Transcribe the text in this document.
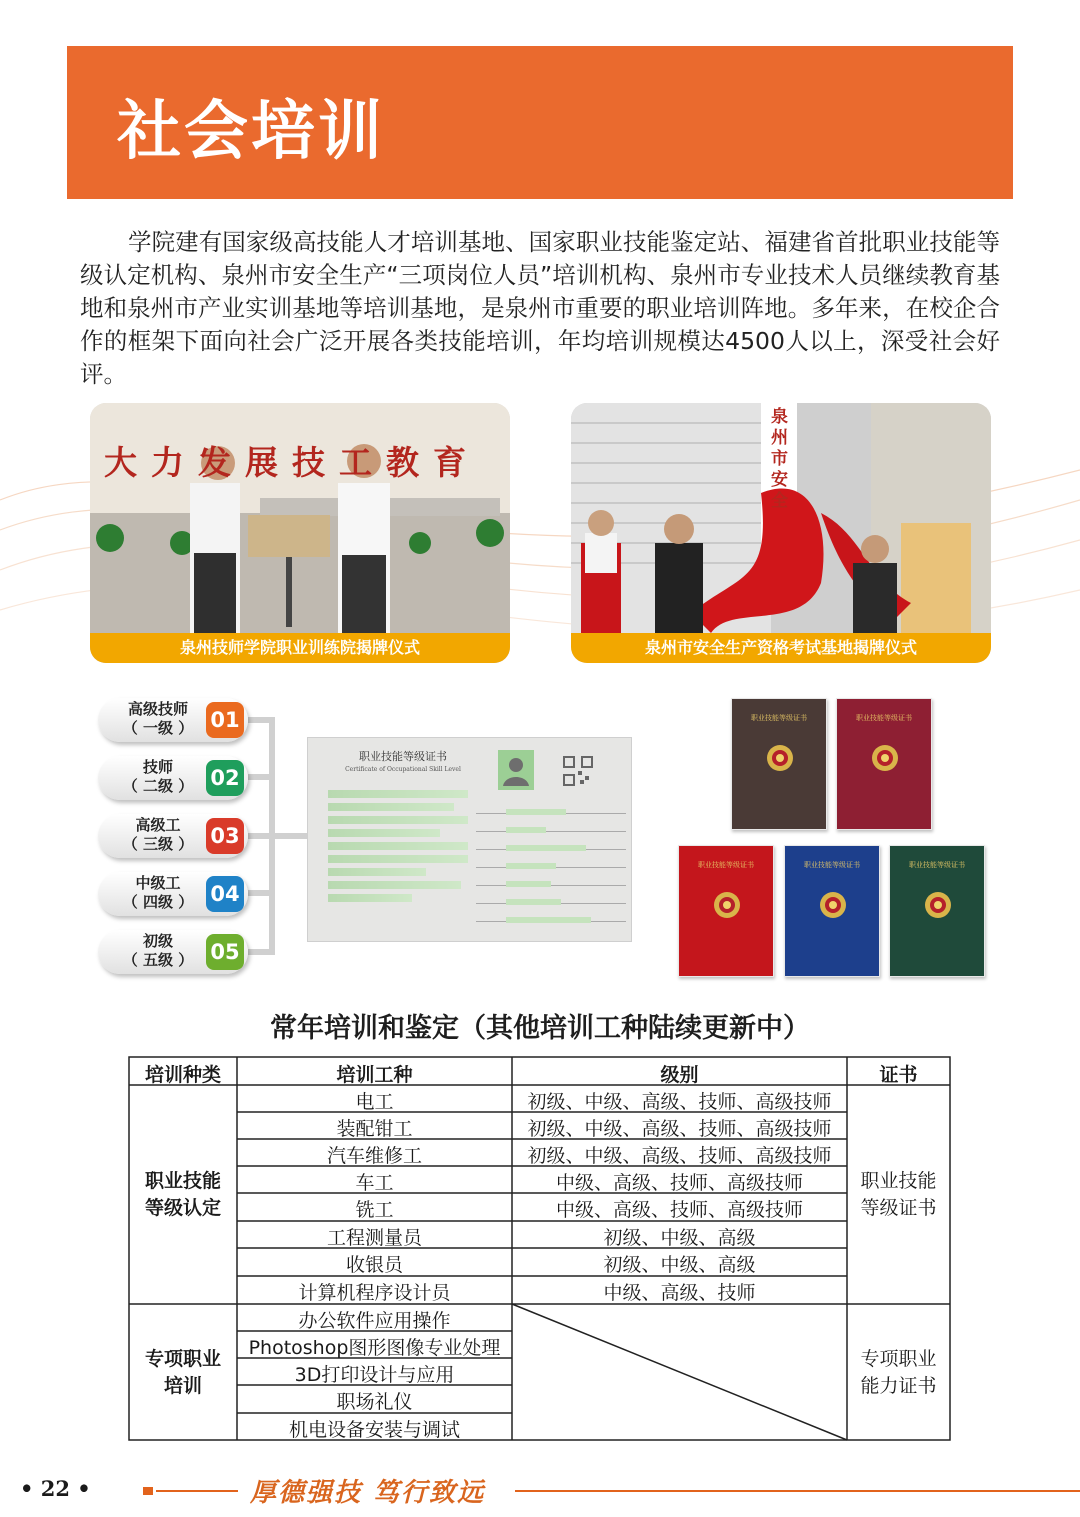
社会培训

学院建有国家级高技能人才培训基地、国家职业技能鉴定站、福建省首批职业技能等级认定机构、泉州市安全生产“三项岗位人员”培训机构、泉州市专业技术人员继续教育基地和泉州市产业实训基地等培训基地，是泉州市重要的职业培训阵地。多年来，在校企合作的框架下面向社会广泛开展各类技能培训，年均培训规模达4500人以上，深受社会好评。

大力发展技工教育
泉州技师学院职业训练院揭牌仪式
泉州市安全
泉州市安全生产资格考试基地揭牌仪式
高级技师
（ 一级 ） 01
技师
（ 二级 ） 02
高级工
（ 三级 ） 03
中级工
（ 四级 ） 04
初级
（ 五级 ） 05
职业技能等级证书
Certificate of Occupational Skill Level
职业技能等级证书	职业技能等级证书
职业技能等级证书	职业技能等级证书	职业技能等级证书
常年培训和鉴定（其他培训工种陆续更新中）
培训种类	培训工种	级别	证书
职业技能
等级认定
职业技能
等级证书
电工	初级、中级、高级、技师、高级技师
装配钳工	初级、中级、高级、技师、高级技师
汽车维修工	初级、中级、高级、技师、高级技师
车工	中级、高级、技师、高级技师
铣工	中级、高级、技师、高级技师
工程测量员	初级、中级、高级
收银员	初级、中级、高级
计算机程序设计员	中级、高级、技师
专项职业
培训
专项职业
能力证书
办公软件应用操作
Photoshop图形图像专业处理
3D打印设计与应用
职场礼仪
机电设备安装与调试
• 22 •	厚德强技 笃行致远
